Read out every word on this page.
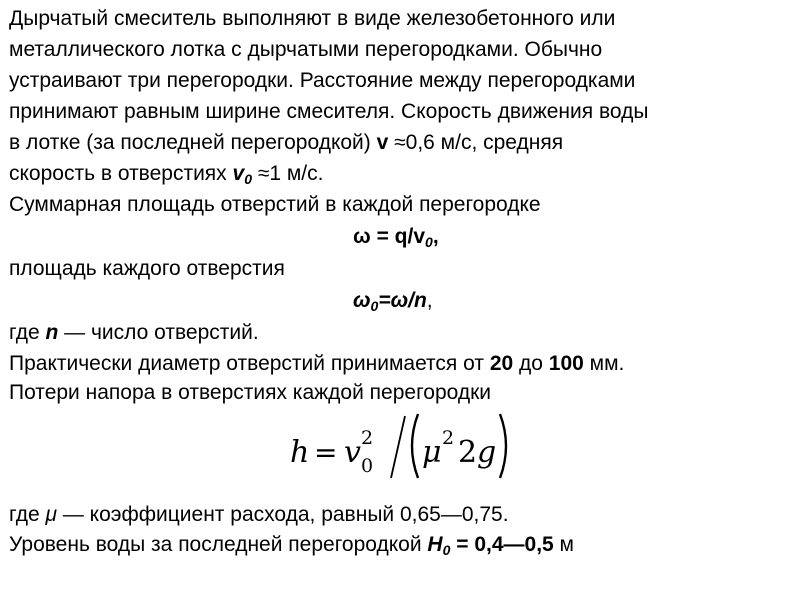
Дырчатый смеситель выполняют в виде железобетонного или
металлического лотка с дырчатыми перегородками. Обычно
устраивают три перегородки. Расстояние между перегородками
принимают равным ширине смесителя. Скорость движения воды
в лотке (за последней перегородкой) v ≈0,6 м/с, средняя
скорость в отверстиях $v_0 \approx 1$ м/с.
Суммарная площадь отверстий в каждой перегородке
$\omega = q/v_0$,
площадь каждого отверстия
$\omega_0=\omega/n$,
где n — число отверстий.
Практически диаметр отверстий принимается от 20 до 100 мм.
Потери напора в отверстиях каждой перегородки
h = v 2
0 μ 2 2 g
где μ — коэффициент расхода, равный 0,65—0,75.
Уровень воды за последней перегородкой $H_0$ = 0,4—0,5 м
